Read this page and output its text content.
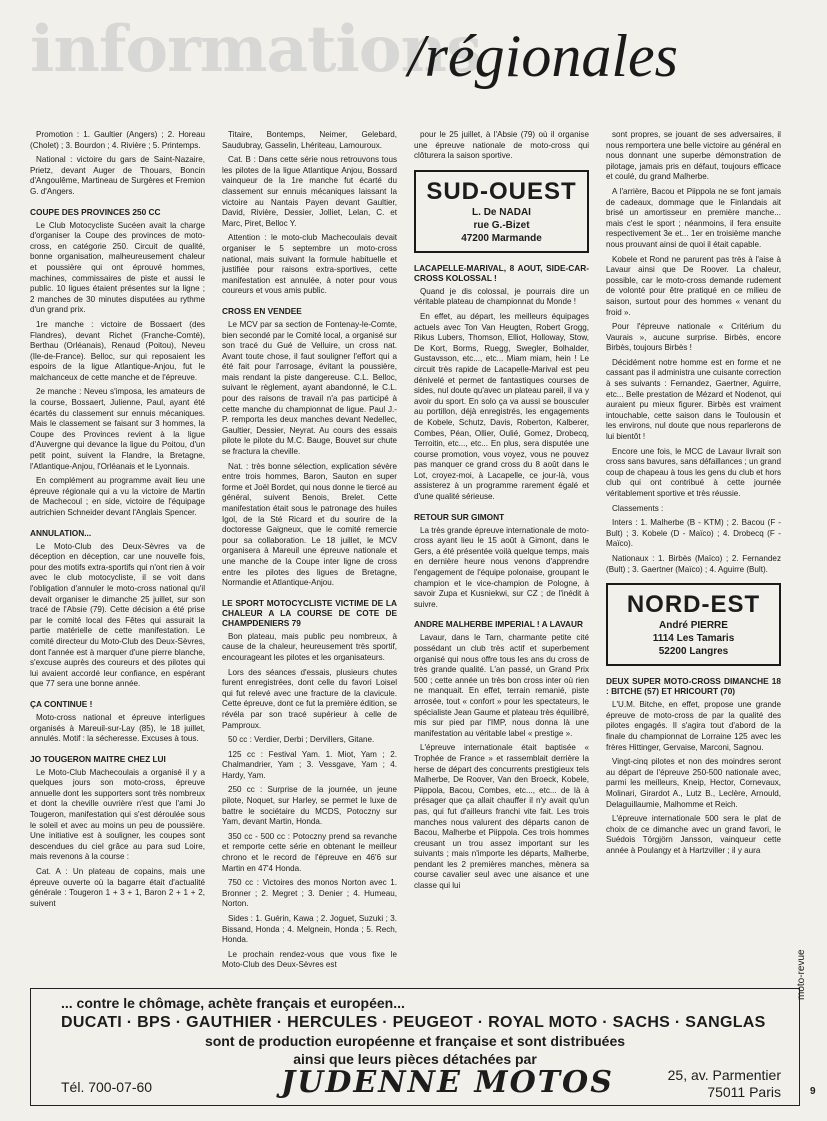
informations
/régionales

Promotion : 1. Gaultier (Angers) ; 2. Horeau (Cholet) ; 3. Bourdon ; 4. Rivière ; 5. Printemps.

National : victoire du gars de Saint-Nazaire, Prietz, devant Auger de Thouars, Boncin d'Angoulême, Martineau de Surgères et Fremion G. d'Angers.

COUPE DES PROVINCES 250 CC

Le Club Motocycliste Sucéen avait la charge d'organiser la Coupe des provinces de moto-cross, en catégorie 250. Circuit de qualité, bonne organisation, malheureusement chaleur et poussière qui ont éprouvé hommes, machines, commissaires de piste et aussi le public. 10 ligues étaient présentes sur la ligne ; 2 manches de 30 minutes disputées au rythme d'un grand prix.

1re manche : victoire de Bossaert (des Flandres), devant Richet (Franche-Comté), Berthau (Orléanais), Renaud (Poitou), Neveu (Ile-de-France). Belloc, sur qui reposaient les espoirs de la ligue Atlantique-Anjou, fut le malchanceux de cette manche et de l'épreuve.

2e manche : Neveu s'imposa, les amateurs de la course, Bossaert, Julienne, Paul, ayant été écartés du classement sur ennuis mécaniques. Mais le classement se faisant sur 3 hommes, la Coupe des Provinces revient à la ligue d'Auvergne qui devance la ligue du Poitou, d'un petit point, suivent la Flandre, la Bretagne, l'Atlantique-Anjou, l'Orléanais et le Lyonnais.

En complément au programme avait lieu une épreuve régionale qui a vu la victoire de Martin de Machecoul ; en side, victoire de l'équipage autrichien Schneider devant l'Anglais Spencer.

ANNULATION...

Le Moto-Club des Deux-Sèvres va de déception en déception, car une nouvelle fois, pour des motifs extra-sportifs qui n'ont rien à voir avec le club motocycliste, il se voit dans l'obligation d'annuler le moto-cross national qu'il devait organiser le dimanche 25 juillet, sur son tracé de l'Absie (79). Cette décision a été prise par le comité local des Fêtes qui assurait la partie matérielle de cette manifestation. Le comité directeur du Moto-Club des Deux-Sèvres, dont l'année est à marquer d'une pierre blanche, s'excuse auprès des coureurs et des pilotes qui lui avaient accordé leur confiance, en espérant que 77 sera une bonne année.

ÇA CONTINUE !

Moto-cross national et épreuve interligues organisés à Mareuil-sur-Lay (85), le 18 juillet, annulés. Motif : la sécheresse. Excuses à tous.

JO TOUGERON MAITRE CHEZ LUI

Le Moto-Club Machecoulais a organisé il y a quelques jours son moto-cross, épreuve annuelle dont les supporters sont très nombreux et dont la cheville ouvrière n'est que l'ami Jo Tougeron, manifestation qui s'est déroulée sous le soleil et avec au moins un peu de poussière. Une initiative est à souligner, les coupes sont descendues du ciel grâce au para sud Loire, mais revenons à la course :

Cat. A : Un plateau de copains, mais une épreuve ouverte où la bagarre était d'actualité générale : Tougeron 1 + 3 + 1, Baron 2 + 1 + 2, suivent

Titaire, Bontemps, Neimer, Gelebard, Saudubray, Gasselin, Lhériteau, Lamouroux.

Cat. B : Dans cette série nous retrouvons tous les pilotes de la ligue Atlantique Anjou, Bossard vainqueur de la 1re manche fut écarté du classement sur ennuis mécaniques laissant la victoire au Nantais Payen devant Gaultier, David, Rivière, Dessier, Jolliet, Lelan, C. et Marc, Piret, Belloc Y.

Attention : le moto-club Machecoulais devait organiser le 5 septembre un moto-cross national, mais suivant la formule habituelle et justifiée pour raisons extra-sportives, cette manifestation est annulée, à noter pour vous coureurs et vous amis public.

CROSS EN VENDEE

Le MCV par sa section de Fontenay-le-Comte, bien secondé par le Comité local, a organisé sur son tracé du Gué de Velluire, un cross nat. Avant toute chose, il faut souligner l'effort qui a été fait pour l'arrosage, évitant la poussière, mais rendant la piste dangereuse. C.L. Belloc, suivant le règlement, ayant abandonné, le C.L. pour des raisons de travail n'a pas participé à cette manche du championnat de ligue. Paul J.-P. remporta les deux manches devant Nedellec, Gaultier, Dessier, Neyrat. Au cours des essais pilote le pilote du M.C. Bauge, Bouvet sur chute se fractura la cheville.

Nat. : très bonne sélection, explication sévère entre trois hommes, Baron, Sauton en super forme et Joël Bordet, qui nous donne le tiercé au général, suivent Benois, Brelet. Cette manifestation était sous le patronage des huiles Igol, de la Sté Ricard et du sourire de la doctoresse Gaigneux, que le comité remercie pour sa collaboration. Le 18 juillet, le MCV organisera à Mareuil une épreuve nationale et une manche de la Coupe inter ligne de cross entre les pilotes des ligues de Bretagne, Normandie et Atlantique-Anjou.

LE SPORT MOTOCYCLISTE VICTIME DE LA CHALEUR A LA COURSE DE COTE DE CHAMPDENIERS 79

Bon plateau, mais public peu nombreux, à cause de la chaleur, heureusement très sportif, encourageant les pilotes et les organisateurs.

Lors des séances d'essais, plusieurs chutes furent enregistrées, dont celle du favori Loisel qui fut relevé avec une fracture de la clavicule. Cette épreuve, dont ce fut la première édition, se révéla par son tracé supérieur à celle de Pamproux.

50 cc : Verdier, Derbi ; Dervillers, Gitane.

125 cc : Festival Yam. 1. Miot, Yam ; 2. Chalmandrier, Yam ; 3. Vessgave, Yam ; 4. Hardy, Yam.

250 cc : Surprise de la journée, un jeune pilote, Noquet, sur Harley, se permet le luxe de battre le sociétaire du MCDS, Potoczny sur Yam, devant Martin, Honda.

350 cc - 500 cc : Potoczny prend sa revanche et remporte cette série en obtenant le meilleur chrono et le record de l'épreuve en 46'6 sur Martin en 47'4 Honda.

750 cc : Victoires des monos Norton avec 1. Bronner ; 2. Megret ; 3. Denier ; 4. Humeau, Norton.

Sides : 1. Guérin, Kawa ; 2. Joguet, Suzuki ; 3. Bissand, Honda ; 4. Melgnein, Honda ; 5. Rech, Honda.

Le prochain rendez-vous que vous fixe le Moto-Club des Deux-Sèvres est

pour le 25 juillet, à l'Absie (79) où il organise une épreuve nationale de moto-cross qui clôturera la saison sportive.

SUD-OUEST
L. De NADAI
rue G.-Bizet
47200 Marmande
LACAPELLE-MARIVAL, 8 AOUT, SIDE-CAR-CROSS KOLOSSAL !

Quand je dis colossal, je pourrais dire un véritable plateau de championnat du Monde !

En effet, au départ, les meilleurs équipages actuels avec Ton Van Heugten, Robert Grogg, Rikus Lubers, Thomson, Elliot, Holloway, Stow, De Kort, Borms, Ruegg, Swegler, Bolhalder, Gustavsson, etc..., etc... Miam miam, hein ! Le circuit très rapide de Lacapelle-Marival est peu dénivelé et permet de fantastiques courses de sides, nul doute qu'avec un plateau pareil, il va y avoir du sport. En solo ça va aussi se bousculer au portillon, déjà enregistrés, les engagements de Kobele, Schutz, Davis, Roberton, Kalberer, Combes, Péan, Ollier, Oulié, Gomez, Drobecq, Terroitin, etc..., etc... En plus, sera disputée une course promotion, vous voyez, vous ne pouvez pas manquer ce grand cross du 8 août dans le Lot, croyez-moi, à Lacapelle, ce jour-là, vous assisterez à un programme rarement égalé et d'une qualité sérieuse.

RETOUR SUR GIMONT

La très grande épreuve internationale de moto-cross ayant lieu le 15 août à Gimont, dans le Gers, a été présentée voilà quelque temps, mais en dernière heure nous venons d'apprendre l'engagement de l'équipe polonaise, groupant le champion et le vice-champion de Pologne, à savoir Zupa et Kusniekwi, sur CZ ; de l'inédit à suivre.

ANDRE MALHERBE IMPERIAL ! A LAVAUR

Lavaur, dans le Tarn, charmante petite cité possédant un club très actif et superbement organisé qui nous offre tous les ans du cross de très grande qualité. L'an passé, un Grand Prix 500 ; cette année un très bon cross inter où rien ne manquait. En effet, terrain remanié, piste arrosée, tout « confort » pour les spectateurs, le spécialiste Jean Gaume et plateau très équilibré, mis sur pied par l'IMP, nous donna là une manifestation au véritable label « prestige ».

L'épreuve internationale était baptisée « Trophée de France » et rassemblait derrière la herse de départ des concurrents prestigieux tels Malherbe, De Roover, Van den Broeck, Kobele, Piippola, Bacou, Combes, etc..., etc... de là à présager que ça allait chauffer il n'y avait qu'un pas, qui fut d'ailleurs franchi vite fait. Les trois manches nous valurent des départs canon de Bacou, Malherbe et Piippola. Ces trois hommes creusant un trou assez important sur les suivants ; mais n'importe les départs, Malherbe, pendant les 2 premières manches, mènera sa course cavalier seul avec une aisance et une classe qui lui

sont propres, se jouant de ses adversaires, il nous remportera une belle victoire au général en nous donnant une superbe démonstration de pilotage, jamais pris en défaut, toujours efficace et coulé, du grand Malherbe.

A l'arrière, Bacou et Piippola ne se font jamais de cadeaux, dommage que le Finlandais ait brisé un amortisseur en première manche... mais c'est le sport ; néanmoins, il fera ensuite respectivement 3e et... 1er en troisième manche nous prouvant ainsi de quoi il était capable.

Kobele et Rond ne parurent pas très à l'aise à Lavaur ainsi que De Roover. La chaleur, possible, car le moto-cross demande rudement de volonté pour être pratiqué en ce milieu de saison, surtout pour des hommes « venant du froid ».

Pour l'épreuve nationale « Critérium du Vaurais », aucune surprise. Birbès, encore Birbès, toujours Birbès !

Décidément notre homme est en forme et ne cassant pas il administra une cuisante correction à ses suivants : Fernandez, Gaertner, Aguirre, etc... Belle prestation de Mézard et Nodenot, qui auraient pu mieux figurer. Birbès est vraiment intouchable, cette saison dans le Toulousin et les environs, nul doute que nous reparlerons de lui bientôt !

Encore une fois, le MCC de Lavaur livrait son cross sans bavures, sans défaillances ; un grand coup de chapeau à tous les gens du club et hors club qui ont contribué à cette journée véritablement sportive et très réussie.

Classements :

Inters : 1. Malherbe (B - KTM) ; 2. Bacou (F - Bult) ; 3. Kobele (D - Maïco) ; 4. Drobecq (F - Maïco).

Nationaux : 1. Birbès (Maïco) ; 2. Fernandez (Bult) ; 3. Gaertner (Maïco) ; 4. Aguirre (Bult).

NORD-EST
André PIERRE
1114 Les Tamaris
52200 Langres
DEUX SUPER MOTO-CROSS DIMANCHE 18 : BITCHE (57) ET HRICOURT (70)

L'U.M. Bitche, en effet, propose une grande épreuve de moto-cross de par la qualité des pilotes engagés. Il s'agira tout d'abord de la finale du championnat de Lorraine 125 avec les frères Hittinger, Gervaise, Marconi, Sagnou.

Vingt-cinq pilotes et non des moindres seront au départ de l'épreuve 250-500 nationale avec, parmi les meilleurs, Kneip, Hector, Cornevaux, Molinari, Girardot A., Lutz B., Leclère, Arnould, Delaguillaumie, Malhomme et Reich.

L'épreuve internationale 500 sera le plat de choix de ce dimanche avec un grand favori, le Suédois Törgjörn Jansson, vainqueur cette année à Poulangy et à Hartzviller ; il y aura

... contre le chômage, achète français et européen...
DUCATI · BPS · GAUTHIER · HERCULES · PEUGEOT · ROYAL MOTO · SACHS · SANGLAS
sont de production européenne et française et sont distribuées
ainsi que leurs pièces détachées par
Tél. 700-07-60	JUDENNE MOTOS	25, av. Parmentier
75011 Paris
moto-revue
9
